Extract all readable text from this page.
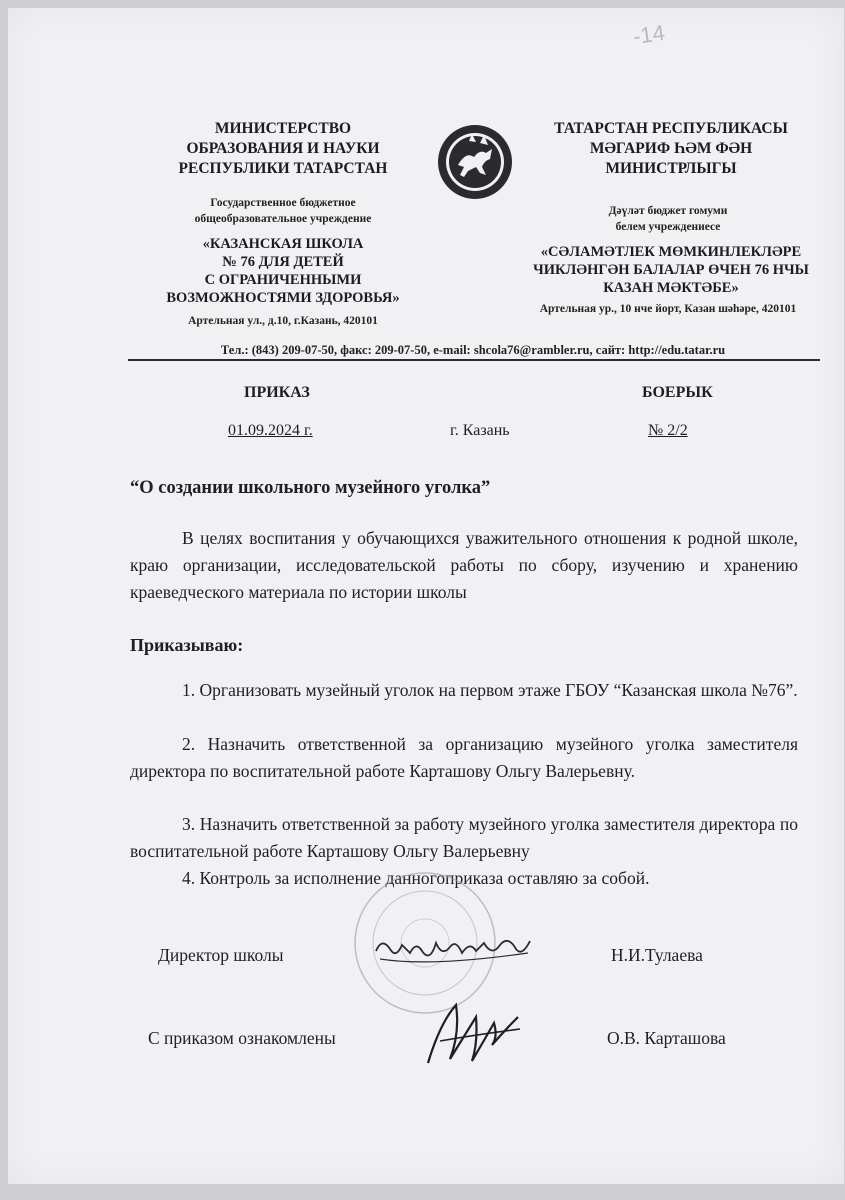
-14
МИНИСТЕРСТВО
ОБРАЗОВАНИЯ И НАУКИ
РЕСПУБЛИКИ ТАТАРСТАН
Государственное бюджетное
общеобразовательное учреждение
«КАЗАНСКАЯ ШКОЛА
№ 76 ДЛЯ ДЕТЕЙ
С ОГРАНИЧЕННЫМИ
ВОЗМОЖНОСТЯМИ ЗДОРОВЬЯ»
Артельная ул., д.10, г.Казань, 420101
ТАТАРСТАН РЕСПУБЛИКАСЫ
МӘГАРИФ ҺӘМ ФӘН
МИНИСТРЛЫГЫ
Дәүләт бюджет гомуми
белем учреждениесе
«СӘЛАМӘТЛЕК МӨМКИНЛЕКЛӘРЕ
ЧИКЛӘНГӘН БАЛАЛАР ӨЧЕН 76 НЧЫ
КАЗАН МӘКТӘБЕ»
Артельная ур., 10 нче йорт, Казан шәһәре, 420101
Тел.: (843) 209-07-50, факс: 209-07-50, e-mail: shcola76@rambler.ru, сайт: http://edu.tatar.ru
ПРИКАЗ	БОЕРЫК
01.09.2024 г.	г. Казань	№ 2/2
“О создании школьного музейного уголка”
В целях воспитания у обучающихся уважительного отношения к родной школе, краю организации, исследовательской работы по сбору, изучению и хранению краеведческого материала по истории школы
Приказываю:
1. Организовать музейный уголок на первом этаже ГБОУ “Казанская школа №76”.
2. Назначить ответственной за организацию музейного уголка заместителя директора по воспитательной работе Карташову Ольгу Валерьевну.
3. Назначить ответственной за работу музейного уголка заместителя директора по воспитательной работе Карташову Ольгу Валерьевну
4. Контроль за исполнение данногоприказа оставляю за собой.
Директор школы	Н.И.Тулаева
С приказом ознакомлены	О.В. Карташова
